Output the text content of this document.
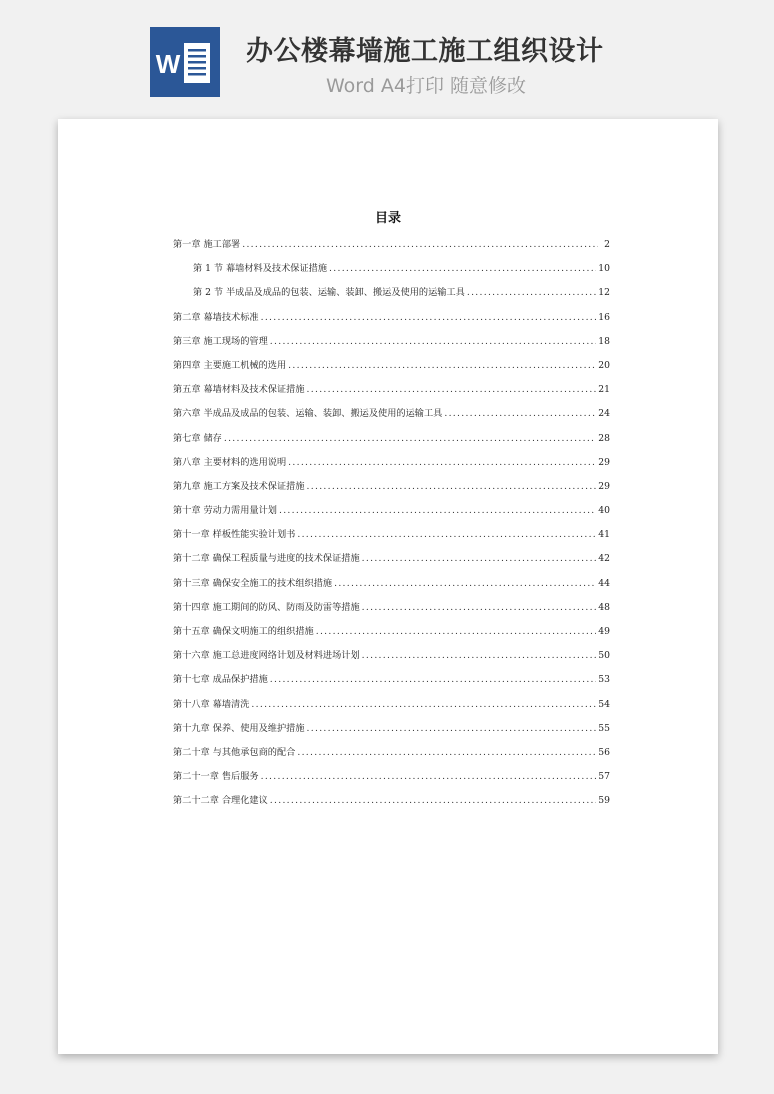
W 办公楼幕墙施工施工组织设计
Word A4打印 随意修改
目录
第一章 施工部署 .....	2
第 1 节 幕墙材料及技术保证措施 .....	10
第 2 节 半成品及成品的包装、运输、装卸、搬运及使用的运输工具 .....	12
第二章 幕墙技术标准 .....	16
第三章 施工现场的管理 .....	18
第四章 主要施工机械的选用 .....	20
第五章 幕墙材料及技术保证措施 .....	21
第六章 半成品及成品的包装、运输、装卸、搬运及使用的运输工具 .....	24
第七章 储存 .....	28
第八章 主要材料的选用说明 .....	29
第九章 施工方案及技术保证措施 .....	29
第十章 劳动力需用量计划 .....	40
第十一章 样板性能实验计划书 .....	41
第十二章 确保工程质量与进度的技术保证措施 .....	42
第十三章 确保安全施工的技术组织措施 .....	44
第十四章 施工期间的防风、防雨及防雷等措施 .....	48
第十五章 确保文明施工的组织措施 .....	49
第十六章 施工总进度网络计划及材料进场计划 .....	50
第十七章 成品保护措施 .....	53
第十八章 幕墙清洗 .....	54
第十九章 保养、使用及维护措施 .....	55
第二十章 与其他承包商的配合 .....	56
第二十一章 售后服务 .....	57
第二十二章 合理化建议 .....	59
